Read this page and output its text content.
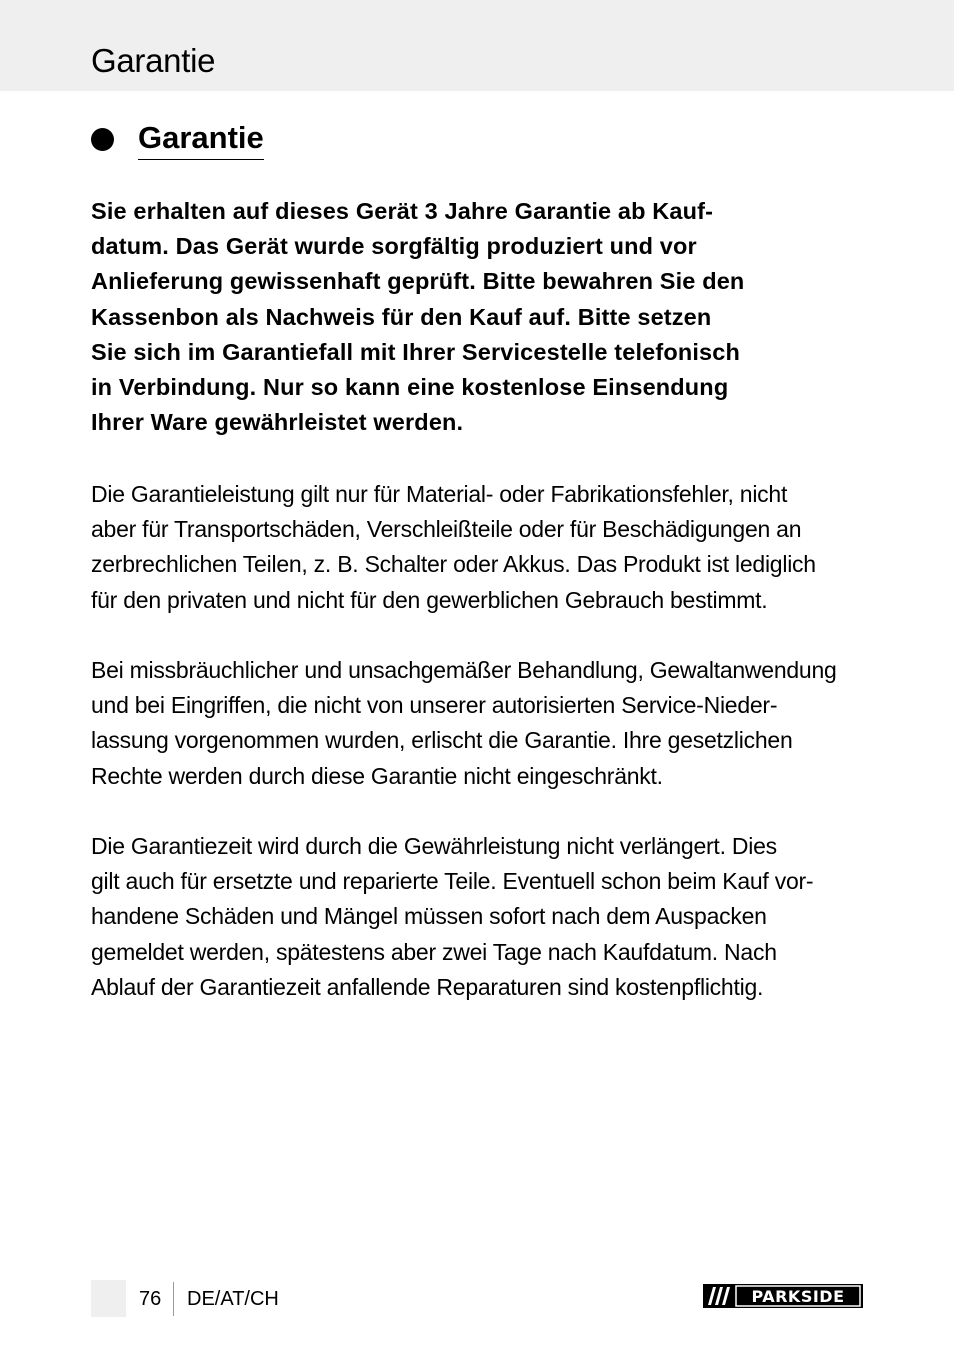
Garantie
Garantie

Sie erhalten auf dieses Gerät 3 Jahre Garantie ab Kauf-
datum. Das Gerät wurde sorgfältig produziert und vor
Anlieferung gewissenhaft geprüft. Bitte bewahren Sie den
Kassenbon als Nachweis für den Kauf auf. Bitte setzen
Sie sich im Garantiefall mit Ihrer Servicestelle telefonisch
in Verbindung. Nur so kann eine kostenlose Einsendung
Ihrer Ware gewährleistet werden.

Die Garantieleistung gilt nur für Material- oder Fabrikationsfehler, nicht
aber für Transportschäden, Verschleißteile oder für Beschädigungen an
zerbrechlichen Teilen, z. B. Schalter oder Akkus. Das Produkt ist lediglich
für den privaten und nicht für den gewerblichen Gebrauch bestimmt.

Bei missbräuchlicher und unsachgemäßer Behandlung, Gewaltanwendung
und bei Eingriffen, die nicht von unserer autorisierten Service-Nieder-
lassung vorgenommen wurden, erlischt die Garantie. Ihre gesetzlichen
Rechte werden durch diese Garantie nicht eingeschränkt.

Die Garantiezeit wird durch die Gewährleistung nicht verlängert. Dies
gilt auch für ersetzte und reparierte Teile. Eventuell schon beim Kauf vor-
handene Schäden und Mängel müssen sofort nach dem Auspacken
gemeldet werden, spätestens aber zwei Tage nach Kaufdatum. Nach
Ablauf der Garantiezeit anfallende Reparaturen sind kostenpflichtig.

76 DE/AT/CH	PARKSIDE
